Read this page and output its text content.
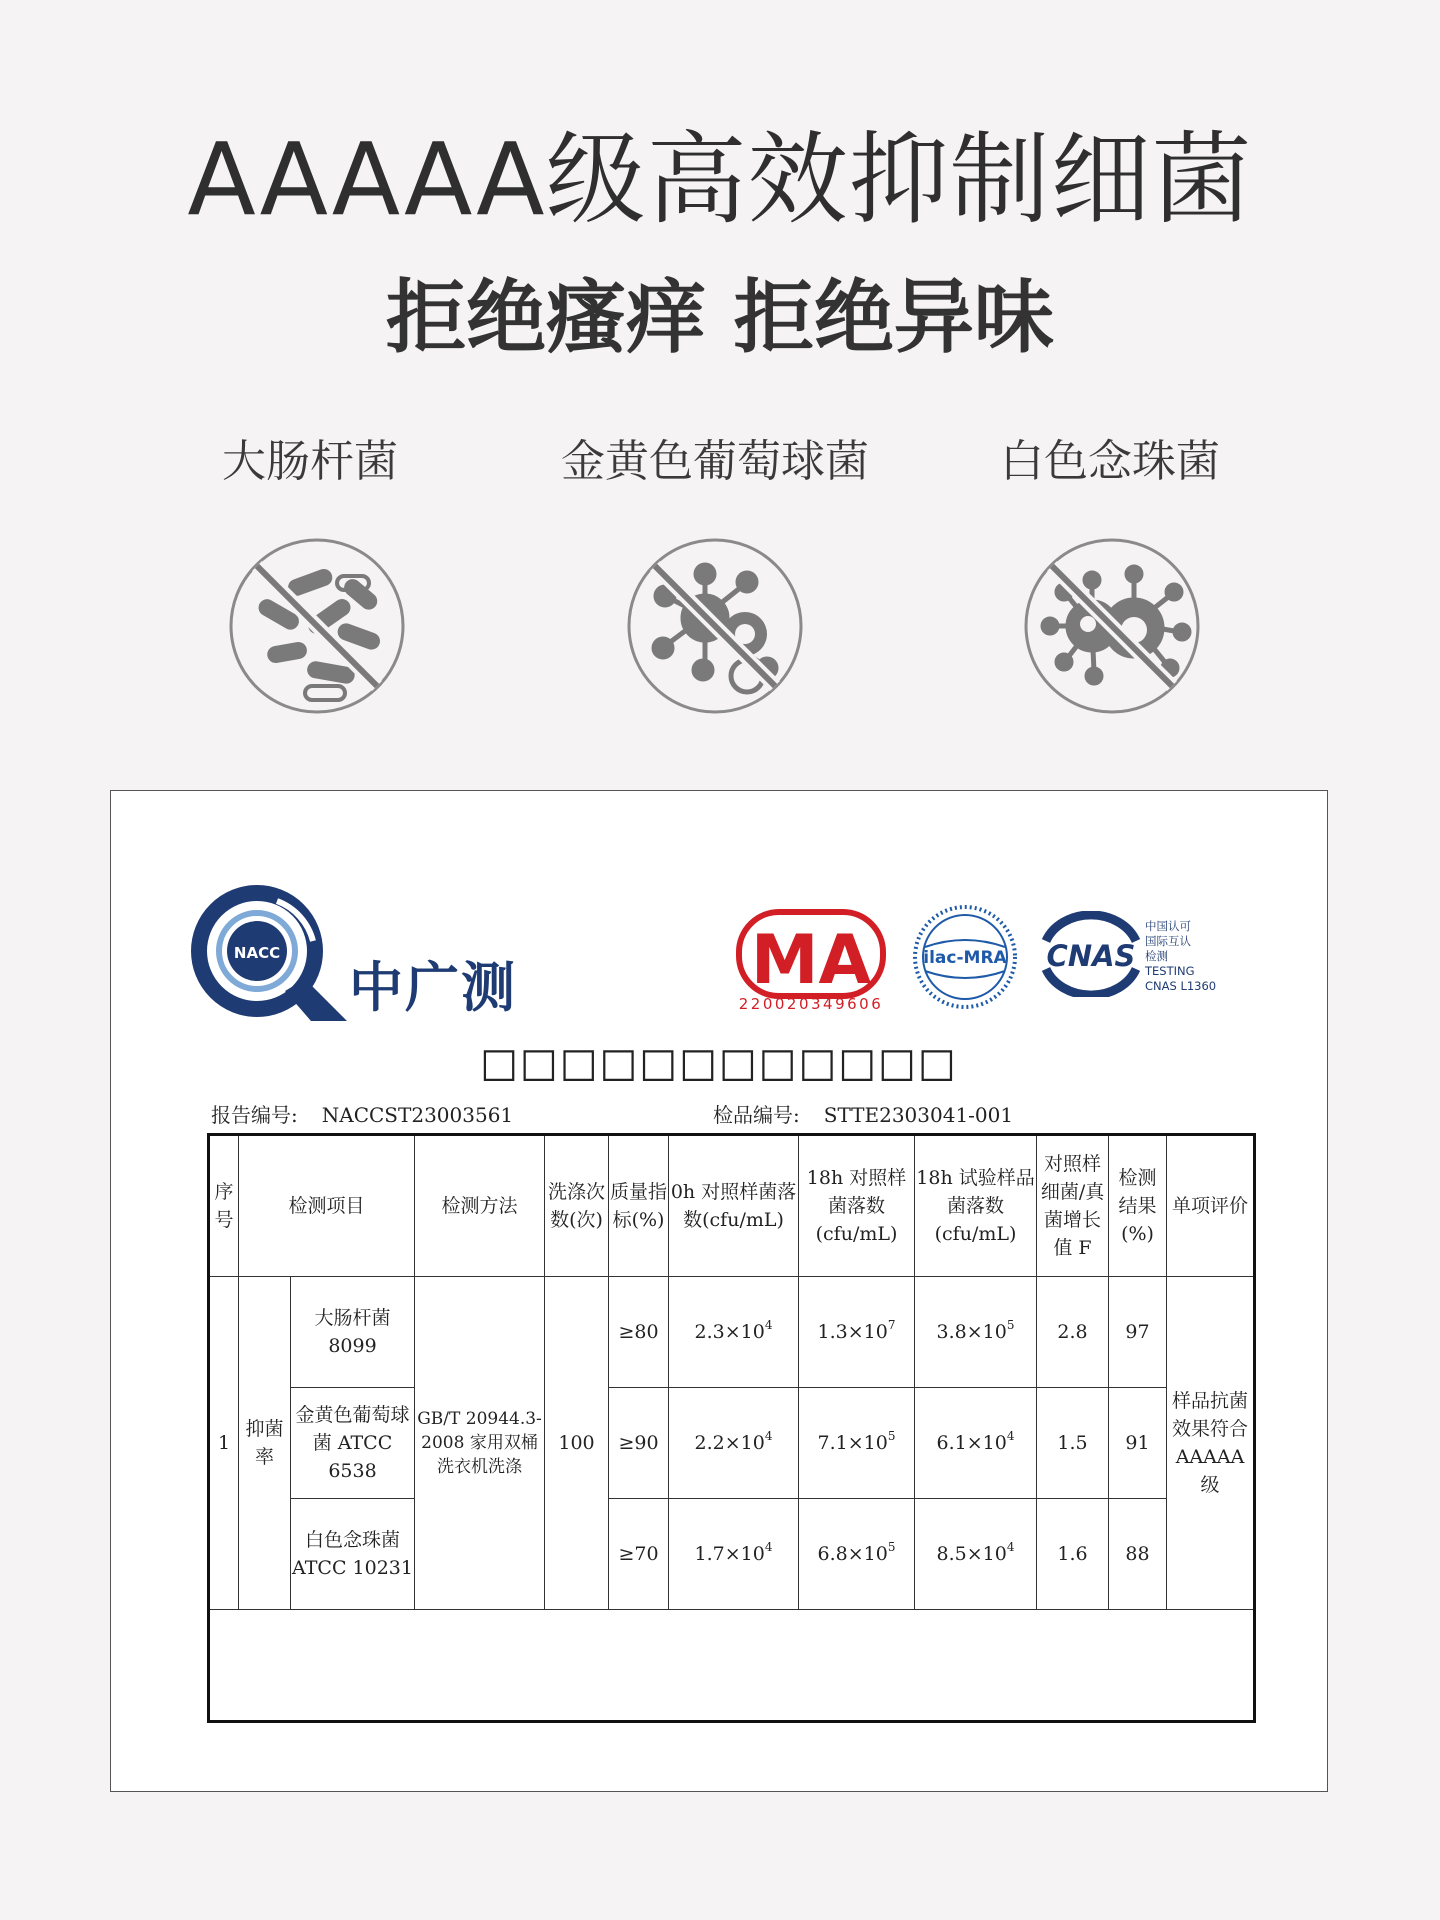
AAAAA级高效抑制细菌
拒绝瘙痒 拒绝异味
大肠杆菌	金黄色葡萄球菌	白色念珠菌
NACC
中广测	MA
220020349606
ilac-MRA CNAS
中国认可
国际互认
检测
TESTING
CNAS L1360
□□□□□□□□□□□□
报告编号: NACCST23003561	检品编号: STTE2303041-001
序号	检测项目		检测方法	洗涤次数(次)	质量指标(%)	0h 对照样菌落数(cfu/mL)	18h 对照样菌落数(cfu/mL)	18h 试验样品菌落数(cfu/mL)	对照样细菌/真菌增长值 F	检测结果(%)	单项评价
1	抑菌率	大肠杆菌 8099	GB/T 20944.3-2008 家用双桶洗衣机洗涤	100	≥80	$2.3\times 10^4$	$1.3\times 10^7$	$3.8\times 10^5$	2.8	97	样品抗菌效果符合AAAAA级
		金黄色葡萄球菌 ATCC 6538			≥90	$2.2\times 10^4$	$7.1\times 10^5$	$6.1\times 10^4$	1.5	91	
		白色念珠菌 ATCC 10231			≥70	$1.7\times 10^4$	$6.8\times 10^5$	$8.5\times 10^4$	1.6	88	
